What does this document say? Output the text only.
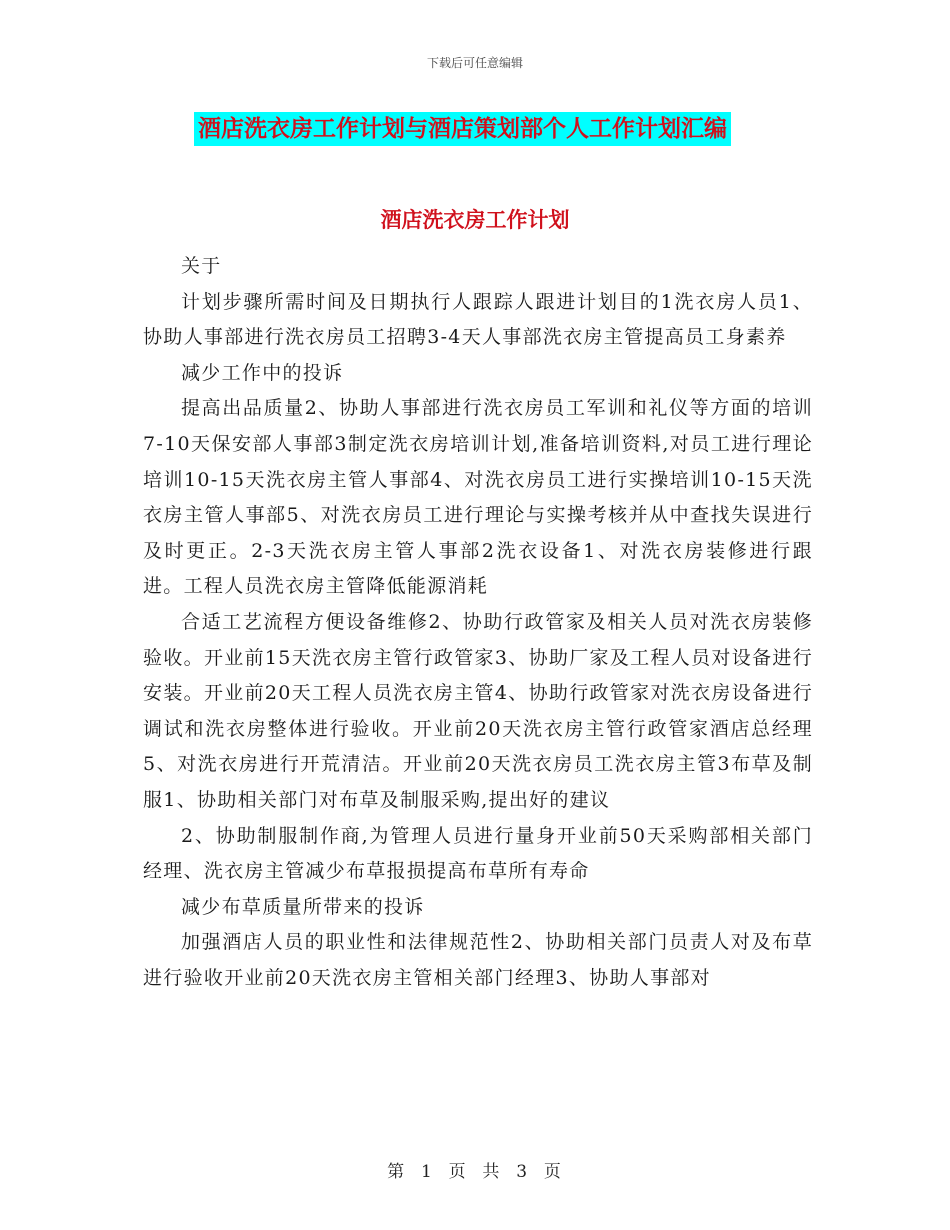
下载后可任意编辑
酒店洗衣房工作计划与酒店策划部个人工作计划汇编
酒店洗衣房工作计划

关于

计划步骤所需时间及日期执行人跟踪人跟进计划目的1洗衣房人员1、协助人事部进行洗衣房员工招聘3-4天人事部洗衣房主管提高员工身素养

减少工作中的投诉

提高出品质量2、协助人事部进行洗衣房员工军训和礼仪等方面的培训7-10天保安部人事部3制定洗衣房培训计划,准备培训资料,对员工进行理论培训10-15天洗衣房主管人事部4、对洗衣房员工进行实操培训10-15天洗衣房主管人事部5、对洗衣房员工进行理论与实操考核并从中查找失误进行及时更正。2-3天洗衣房主管人事部2洗衣设备1、对洗衣房装修进行跟进。工程人员洗衣房主管降低能源消耗

合适工艺流程方便设备维修2、协助行政管家及相关人员对洗衣房装修验收。开业前15天洗衣房主管行政管家3、协助厂家及工程人员对设备进行安装。开业前20天工程人员洗衣房主管4、协助行政管家对洗衣房设备进行调试和洗衣房整体进行验收。开业前20天洗衣房主管行政管家酒店总经理5、对洗衣房进行开荒清洁。开业前20天洗衣房员工洗衣房主管3布草及制服1、协助相关部门对布草及制服采购,提出好的建议

2、协助制服制作商,为管理人员进行量身开业前50天采购部相关部门经理、洗衣房主管减少布草报损提高布草所有寿命

减少布草质量所带来的投诉

加强酒店人员的职业性和法律规范性2、协助相关部门员责人对及布草进行验收开业前20天洗衣房主管相关部门经理3、协助人事部对

第  1  页  共  3  页
